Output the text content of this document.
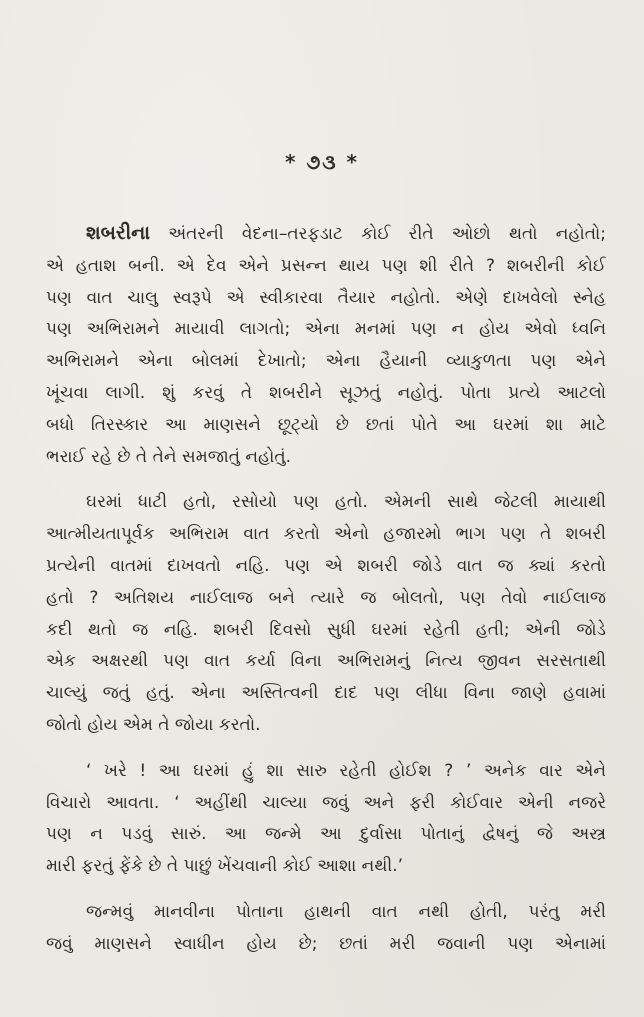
* ૭૩ *
શબરીના અંતરની વેદના–તરફડાટ કોઈ રીતે ઓછો થતો નહોતો;
એ હતાશ બની. એ દેવ એને પ્રસન્ન થાય પણ શી રીતે ? શબરીની કોઈ
પણ વાત ચાલુ સ્વરૂપે એ સ્વીકારવા તૈયાર નહોતો. એણે દાખવેલો સ્નેહ
પણ અભિરામને માયાવી લાગતો; એના મનમાં પણ ન હોય એવો ધ્વનિ
અભિરામને એના બોલમાં દેખાતો; એના હૈયાની વ્યાકુળતા પણ એને
ખૂંચવા લાગી. શું કરવું તે શબરીને સૂઝતું નહોતું. પોતા પ્રત્યે આટલો
બધો તિરસ્કાર આ માણસને છૂટ્યો છે છતાં પોતે આ ઘરમાં શા માટે
ભરાઈ રહે છે તે તેને સમજાતું નહોતું.
ઘરમાં ધાટી હતો, રસોયો પણ હતો. એમની સાથે જેટલી માયાથી
આત્મીયતાપૂર્વક અભિરામ વાત કરતો એનો હજારમો ભાગ પણ તે શબરી
પ્રત્યેની વાતમાં દાખવતો નહિ. પણ એ શબરી જોડે વાત જ ક્યાં કરતો
હતો ? અતિશય નાઈલાજ બને ત્યારે જ બોલતો, પણ તેવો નાઈલાજ
કદી થતો જ નહિ. શબરી દિવસો સુધી ઘરમાં રહેતી હતી; એની જોડે
એક અક્ષરથી પણ વાત કર્યા વિના અભિરામનું નિત્ય જીવન સરસતાથી
ચાલ્યું જતું હતું. એના અસ્તિત્વની દાદ પણ લીધા વિના જાણે હવામાં
જોતો હોય એમ તે જોયા કરતો.
‘ ખરે ! આ ઘરમાં હું શા સારુ રહેતી હોઈશ ? ’ અનેક વાર એને
વિચારો આવતા. ‘ અહીંથી ચાલ્યા જવું અને ફરી કોઈવાર એની નજરે
પણ ન પડવું સારું. આ જન્મે આ દુર્વાસા પોતાનું દ્વેષનું જે અસ્ત્ર
મારી ફરતું ફેંકે છે તે પાછું ખેંચવાની કોઈ આશા નથી.’
જન્મવું માનવીના પોતાના હાથની વાત નથી હોતી, પરંતુ મરી
જવું માણસને સ્વાધીન હોય છે; છતાં મરી જવાની પણ એનામાં
